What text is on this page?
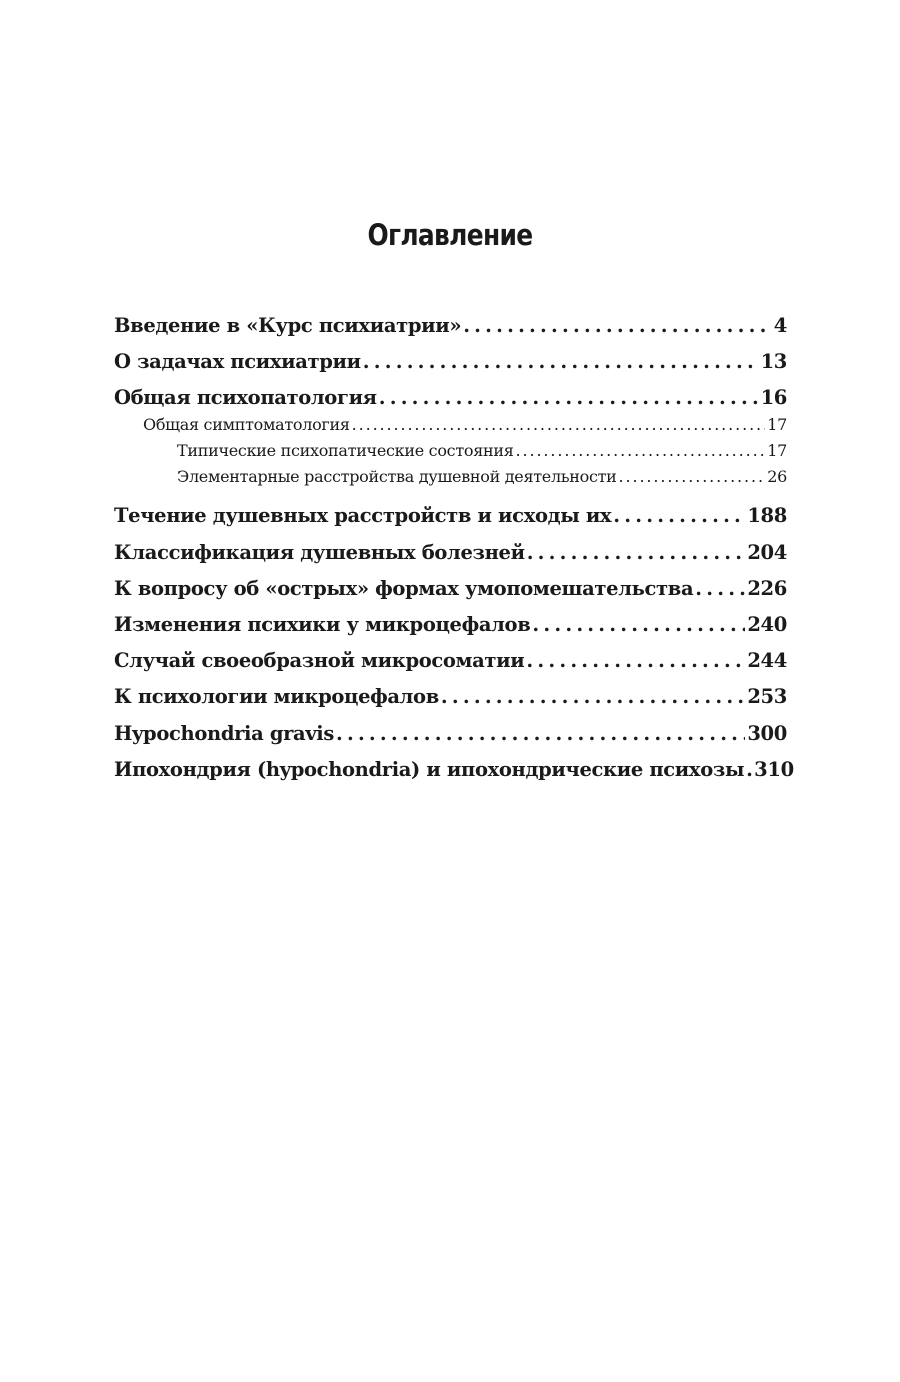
Оглавление
Введение в «Курс психиатрии» . . .	4
О задачах психиатрии . . .	13
Общая психопатология . . .	16
Общая симптоматология . . .	17
Типические психопатические состояния . . .	17
Элементарные расстройства душевной деятельности . . .	26
Течение душевных расстройств и исходы их . . .	188
Классификация душевных болезней . . .	204
К вопросу об «острых» формах умопомешательства . . .	226
Изменения психики у микроцефалов . . .	240
Случай своеобразной микросоматии . . .	244
К психологии микроцефалов . . .	253
Hypochondria gravis . . .	300
Ипохондрия (hypochondria) и ипохондрические психозы . . . 310
